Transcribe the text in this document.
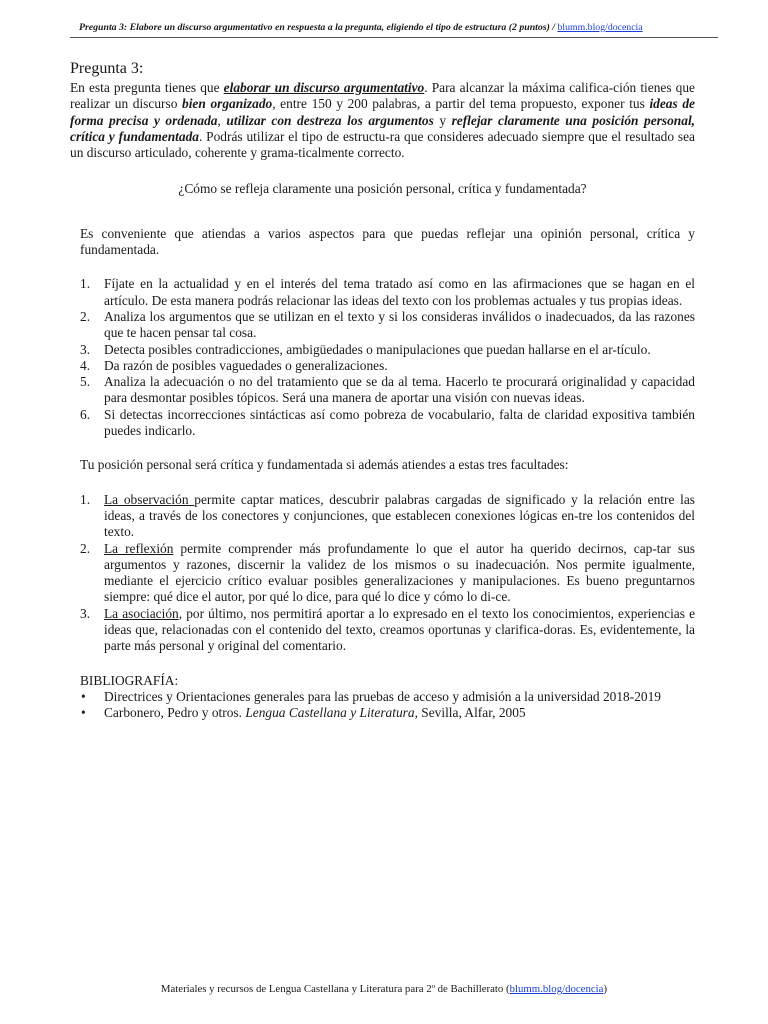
Pregunta 3: Elabore un discurso argumentativo en respuesta a la pregunta, eligiendo el tipo de estructura (2 puntos) / blumm.blog/docencia
Pregunta 3:

En esta pregunta tienes que elaborar un discurso argumentativo. Para alcanzar la máxima califica-ción tienes que realizar un discurso bien organizado, entre 150 y 200 palabras, a partir del tema propuesto, exponer tus ideas de forma precisa y ordenada, utilizar con destreza los argumentos y reflejar claramente una posición personal, crítica y fundamentada. Podrás utilizar el tipo de estructu-ra que consideres adecuado siempre que el resultado sea un discurso articulado, coherente y grama-ticalmente correcto.

¿Cómo se refleja claramente una posición personal, crítica y fundamentada?

Es conveniente que atiendas a varios aspectos para que puedas reflejar una opinión personal, crítica y fundamentada.

1. Fíjate en la actualidad y en el interés del tema tratado así como en las afirmaciones que se hagan en el artículo. De esta manera podrás relacionar las ideas del texto con los problemas actuales y tus propias ideas.
2. Analiza los argumentos que se utilizan en el texto y si los consideras inválidos o inadecuados, da las razones que te hacen pensar tal cosa.
3. Detecta posibles contradicciones, ambigüedades o manipulaciones que puedan hallarse en el ar-tículo.
4. Da razón de posibles vaguedades o generalizaciones.
5. Analiza la adecuación o no del tratamiento que se da al tema. Hacerlo te procurará originalidad y capacidad para desmontar posibles tópicos. Será una manera de aportar una visión con nuevas ideas.
6. Si detectas incorrecciones sintácticas así como pobreza de vocabulario, falta de claridad expositiva también puedes indicarlo.

Tu posición personal será crítica y fundamentada si además atiendes a estas tres facultades:

1. La observación permite captar matices, descubrir palabras cargadas de significado y la relación entre las ideas, a través de los conectores y conjunciones, que establecen conexiones lógicas en-tre los contenidos del texto.
2. La reflexión permite comprender más profundamente lo que el autor ha querido decirnos, cap-tar sus argumentos y razones, discernir la validez de los mismos o su inadecuación. Nos permite igualmente, mediante el ejercicio crítico evaluar posibles generalizaciones y manipulaciones. Es bueno preguntarnos siempre: qué dice el autor, por qué lo dice, para qué lo dice y cómo lo di-ce.
3. La asociación, por último, nos permitirá aportar a lo expresado en el texto los conocimientos, experiencias e ideas que, relacionadas con el contenido del texto, creamos oportunas y clarifica-doras. Es, evidentemente, la parte más personal y original del comentario.
BIBLIOGRAFÍA:
• Directrices y Orientaciones generales para las pruebas de acceso y admisión a la universidad 2018-2019
• Carbonero, Pedro y otros. Lengua Castellana y Literatura, Sevilla, Alfar, 2005
Materiales y recursos de Lengua Castellana y Literatura para 2º de Bachillerato (blumm.blog/docencia)
